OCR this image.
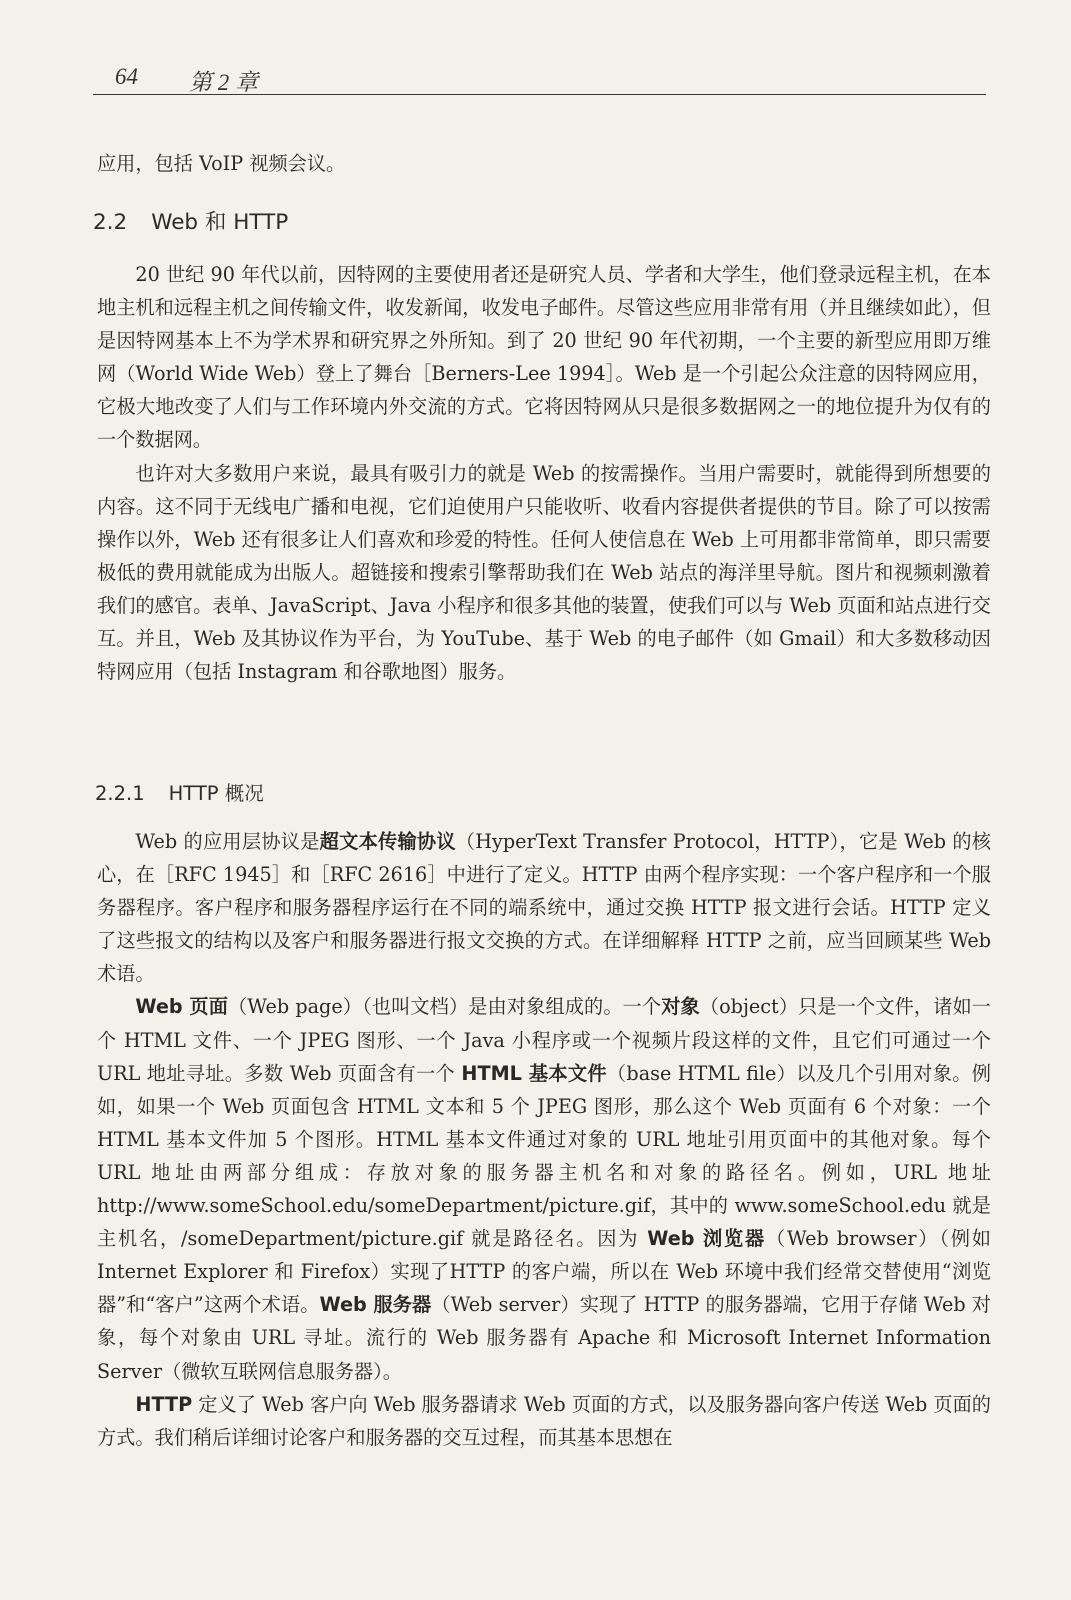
64 第 2 章

应用，包括 VoIP 视频会议。

2.2 Web 和 HTTP

20 世纪 90 年代以前，因特网的主要使用者还是研究人员、学者和大学生，他们登录远程主机，在本地主机和远程主机之间传输文件，收发新闻，收发电子邮件。尽管这些应用非常有用（并且继续如此），但是因特网基本上不为学术界和研究界之外所知。到了 20 世纪 90 年代初期，一个主要的新型应用即万维网（World Wide Web）登上了舞台［Berners-Lee 1994］。Web 是一个引起公众注意的因特网应用，它极大地改变了人们与工作环境内外交流的方式。它将因特网从只是很多数据网之一的地位提升为仅有的一个数据网。

也许对大多数用户来说，最具有吸引力的就是 Web 的按需操作。当用户需要时，就能得到所想要的内容。这不同于无线电广播和电视，它们迫使用户只能收听、收看内容提供者提供的节目。除了可以按需操作以外，Web 还有很多让人们喜欢和珍爱的特性。任何人使信息在 Web 上可用都非常简单，即只需要极低的费用就能成为出版人。超链接和搜索引擎帮助我们在 Web 站点的海洋里导航。图片和视频刺激着我们的感官。表单、JavaScript、Java 小程序和很多其他的装置，使我们可以与 Web 页面和站点进行交互。并且，Web 及其协议作为平台，为 YouTube、基于 Web 的电子邮件（如 Gmail）和大多数移动因特网应用（包括 Instagram 和谷歌地图）服务。

2.2.1 HTTP 概况

Web 的应用层协议是超文本传输协议（HyperText Transfer Protocol，HTTP），它是 Web 的核心，在［RFC 1945］和［RFC 2616］中进行了定义。HTTP 由两个程序实现：一个客户程序和一个服务器程序。客户程序和服务器程序运行在不同的端系统中，通过交换 HTTP 报文进行会话。HTTP 定义了这些报文的结构以及客户和服务器进行报文交换的方式。在详细解释 HTTP 之前，应当回顾某些 Web 术语。

Web 页面（Web page）（也叫文档）是由对象组成的。一个对象（object）只是一个文件，诸如一个 HTML 文件、一个 JPEG 图形、一个 Java 小程序或一个视频片段这样的文件，且它们可通过一个 URL 地址寻址。多数 Web 页面含有一个 HTML 基本文件（base HTML file）以及几个引用对象。例如，如果一个 Web 页面包含 HTML 文本和 5 个 JPEG 图形，那么这个 Web 页面有 6 个对象：一个 HTML 基本文件加 5 个图形。HTML 基本文件通过对象的 URL 地址引用页面中的其他对象。每个 URL 地址由两部分组成：存放对象的服务器主机名和对象的路径名。例如，URL 地址 http://www.someSchool.edu/someDepartment/picture.gif，其中的 www.someSchool.edu 就是主机名，/someDepartment/picture.gif 就是路径名。因为 Web 浏览器（Web browser）（例如 Internet Explorer 和 Firefox）实现了HTTP 的客户端，所以在 Web 环境中我们经常交替使用“浏览器”和“客户”这两个术语。Web 服务器（Web server）实现了 HTTP 的服务器端，它用于存储 Web 对象，每个对象由 URL 寻址。流行的 Web 服务器有 Apache 和 Microsoft Internet Information Server（微软互联网信息服务器）。

HTTP 定义了 Web 客户向 Web 服务器请求 Web 页面的方式，以及服务器向客户传送 Web 页面的方式。我们稍后详细讨论客户和服务器的交互过程，而其基本思想在
